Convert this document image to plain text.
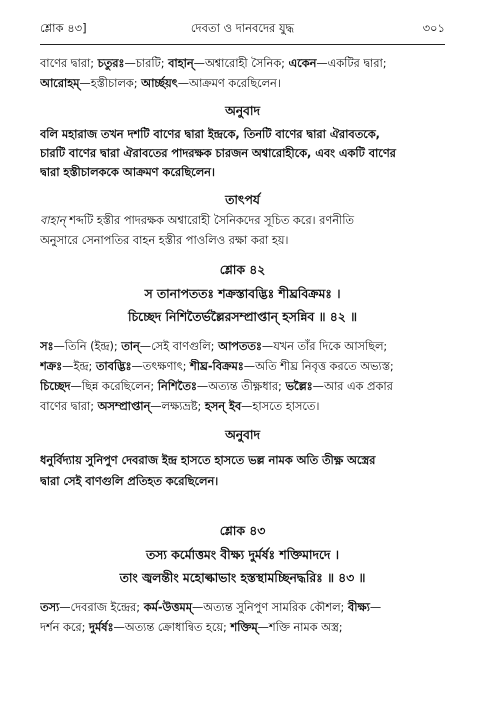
শ্লোক ৪৩]	দেবতা ও দানবদের যুদ্ধ	৩০১
বাণের দ্বারা; চতুরঃ—চারটি; বাহান্—অশ্বারোহী সৈনিক; একেন—একটির দ্বারা;
আরোহম্—হস্তীচালক; আৰ্চ্ছয়ৎ—আক্রমণ করেছিলেন।
অনুবাদ
বলি মহারাজ তখন দশটি বাণের দ্বারা ইন্দ্রকে, তিনটি বাণের দ্বারা ঐরাবতকে,
চারটি বাণের দ্বারা ঐরাবতের পাদরক্ষক চারজন অশ্বারোহীকে, এবং একটি বাণের
দ্বারা হস্তীচালককে আক্রমণ করেছিলেন।
তাৎপর্য
বাহান্ শব্দটি হস্তীর পাদরক্ষক অশ্বারোহী সৈনিকদের সূচিত করে। রণনীতি
অনুসারে সেনাপতির বাহন হস্তীর পাওলিও রক্ষা করা হয়।
শ্লোক ৪২
স তানাপততঃ শক্রস্তাবদ্ভিঃ শীঘ্রবিক্রমঃ ।
চিচ্ছেদ নিশিতৈর্ভল্লৈরসম্প্রাপ্তান্ হসন্নিব ॥ ৪২ ॥
সঃ—তিনি (ইন্দ্র); তান্—সেই বাণগুলি; আপততঃ—যখন তাঁর দিকে আসছিল;
শক্রঃ—ইন্দ্র; তাবদ্ভিঃ—তৎক্ষণাৎ; শীঘ্র-বিক্রমঃ—অতি শীঘ্র নিবৃত্ত করতে অভ্যস্ত;
চিচ্ছেদ—ছিন্ন করেছিলেন; নিশিতৈঃ—অত্যন্ত তীক্ষ্ণধার; ভল্লৈঃ—আর এক প্রকার
বাণের দ্বারা; অসম্প্রাপ্তান্—লক্ষ্যভ্রষ্ট; হসন্ ইব—হাসতে হাসতে।
অনুবাদ
ধনুর্বিদ্যায় সুনিপুণ দেবরাজ ইন্দ্র হাসতে হাসতে ভল্ল নামক অতি তীক্ষ্ণ অস্ত্রের
দ্বারা সেই বাণগুলি প্রতিহত করেছিলেন।
শ্লোক ৪৩
তস্য কর্মোত্তমং বীক্ষ্য দুর্মর্ষঃ শক্তিমাদদে ।
তাং জ্বলন্তীং মহোল্কাভাং হস্তস্থামচ্ছিনদ্ধরিঃ ॥ ৪৩ ॥
তস্য—দেবরাজ ইন্দ্রের; কর্ম-উত্তমম্—অত্যন্ত সুনিপুণ সামরিক কৌশল; বীক্ষ্য—
দর্শন করে; দুর্মর্ষঃ—অত্যন্ত ক্রোধান্বিত হয়ে; শক্তিম্—শক্তি নামক অস্ত্র;
